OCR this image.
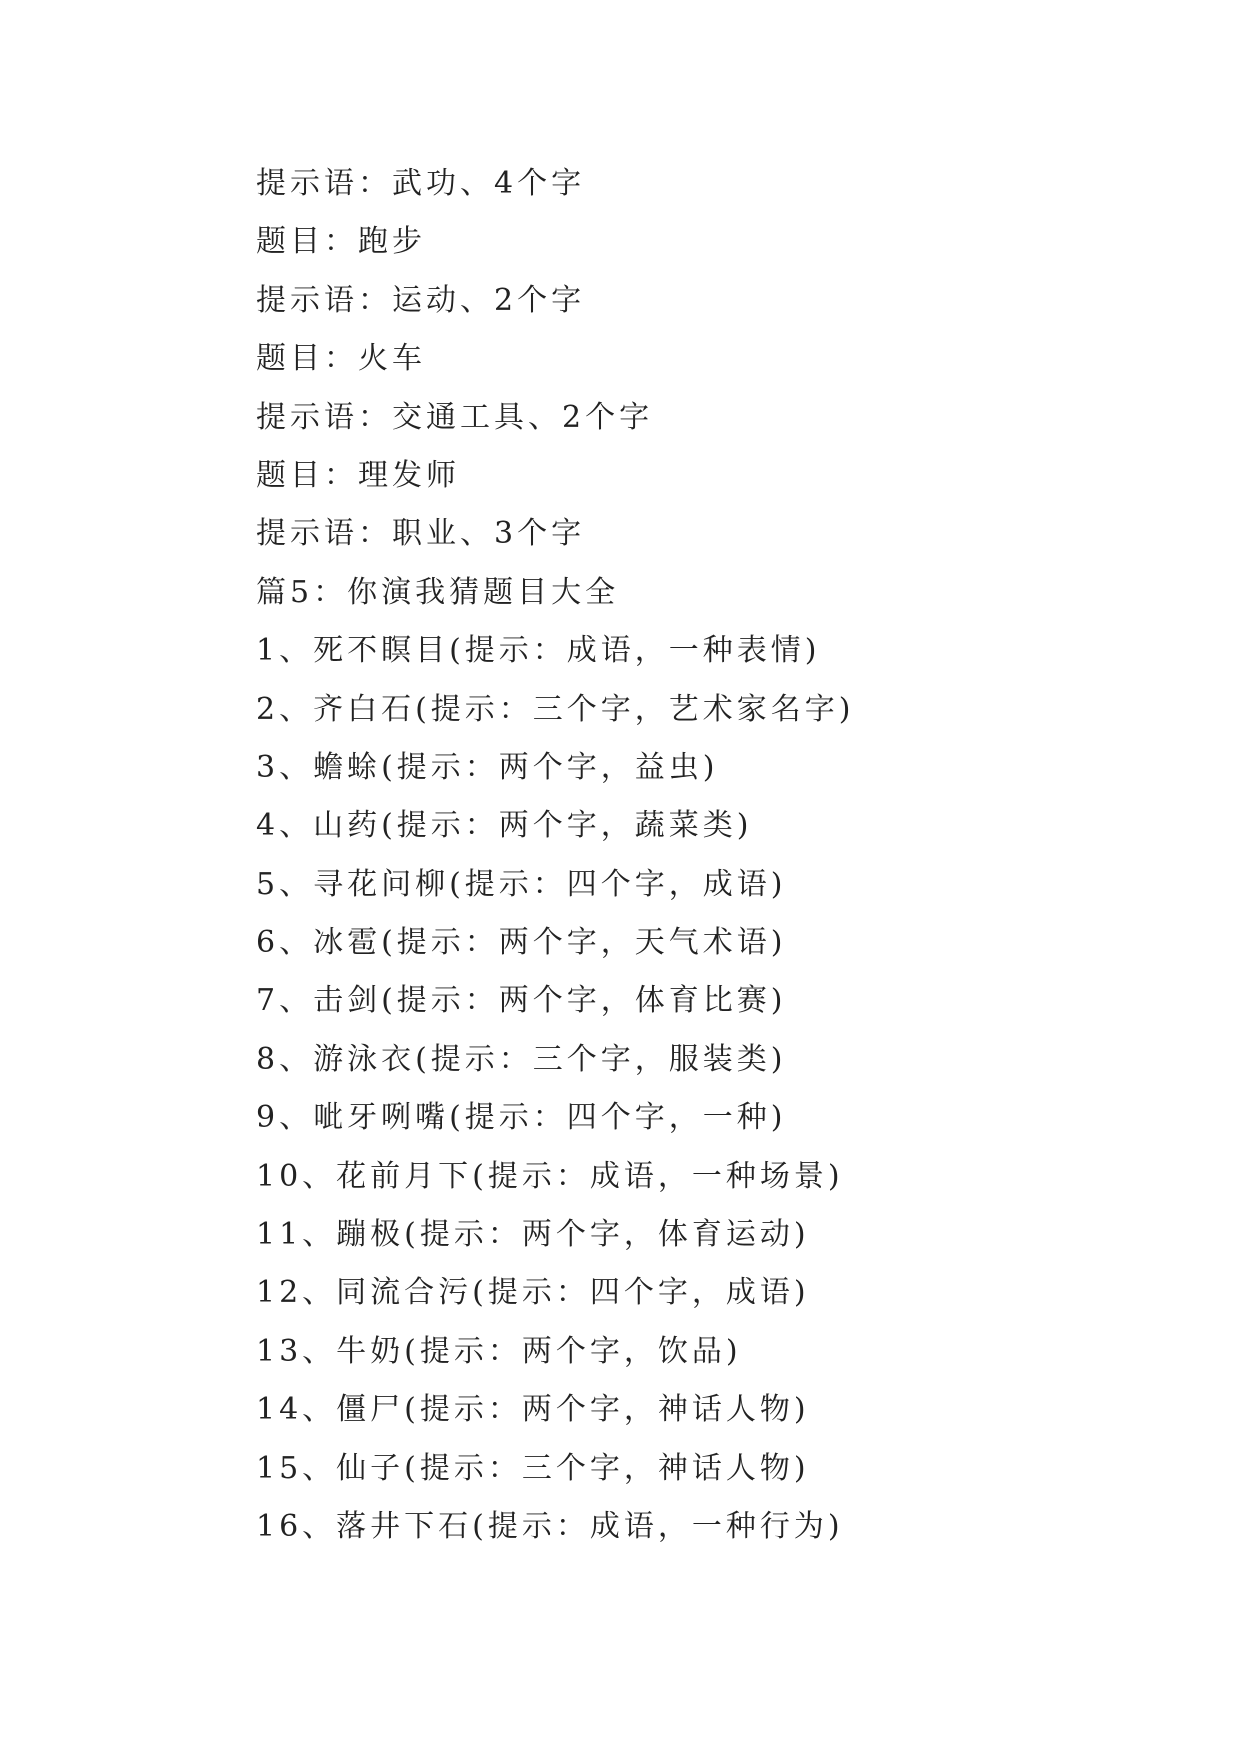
提示语：武功、4个字
题目：跑步
提示语：运动、2个字
题目：火车
提示语：交通工具、2个字
题目：理发师
提示语：职业、3个字
篇5：你演我猜题目大全
1、死不瞑目(提示：成语，一种表情)
2、齐白石(提示：三个字，艺术家名字)
3、蟾蜍(提示：两个字，益虫)
4、山药(提示：两个字，蔬菜类)
5、寻花问柳(提示：四个字，成语)
6、冰雹(提示：两个字，天气术语)
7、击剑(提示：两个字，体育比赛)
8、游泳衣(提示：三个字，服装类)
9、呲牙咧嘴(提示：四个字，一种)
10、花前月下(提示：成语，一种场景)
11、蹦极(提示：两个字，体育运动)
12、同流合污(提示：四个字，成语)
13、牛奶(提示：两个字，饮品)
14、僵尸(提示：两个字，神话人物)
15、仙子(提示：三个字，神话人物)
16、落井下石(提示：成语，一种行为)
